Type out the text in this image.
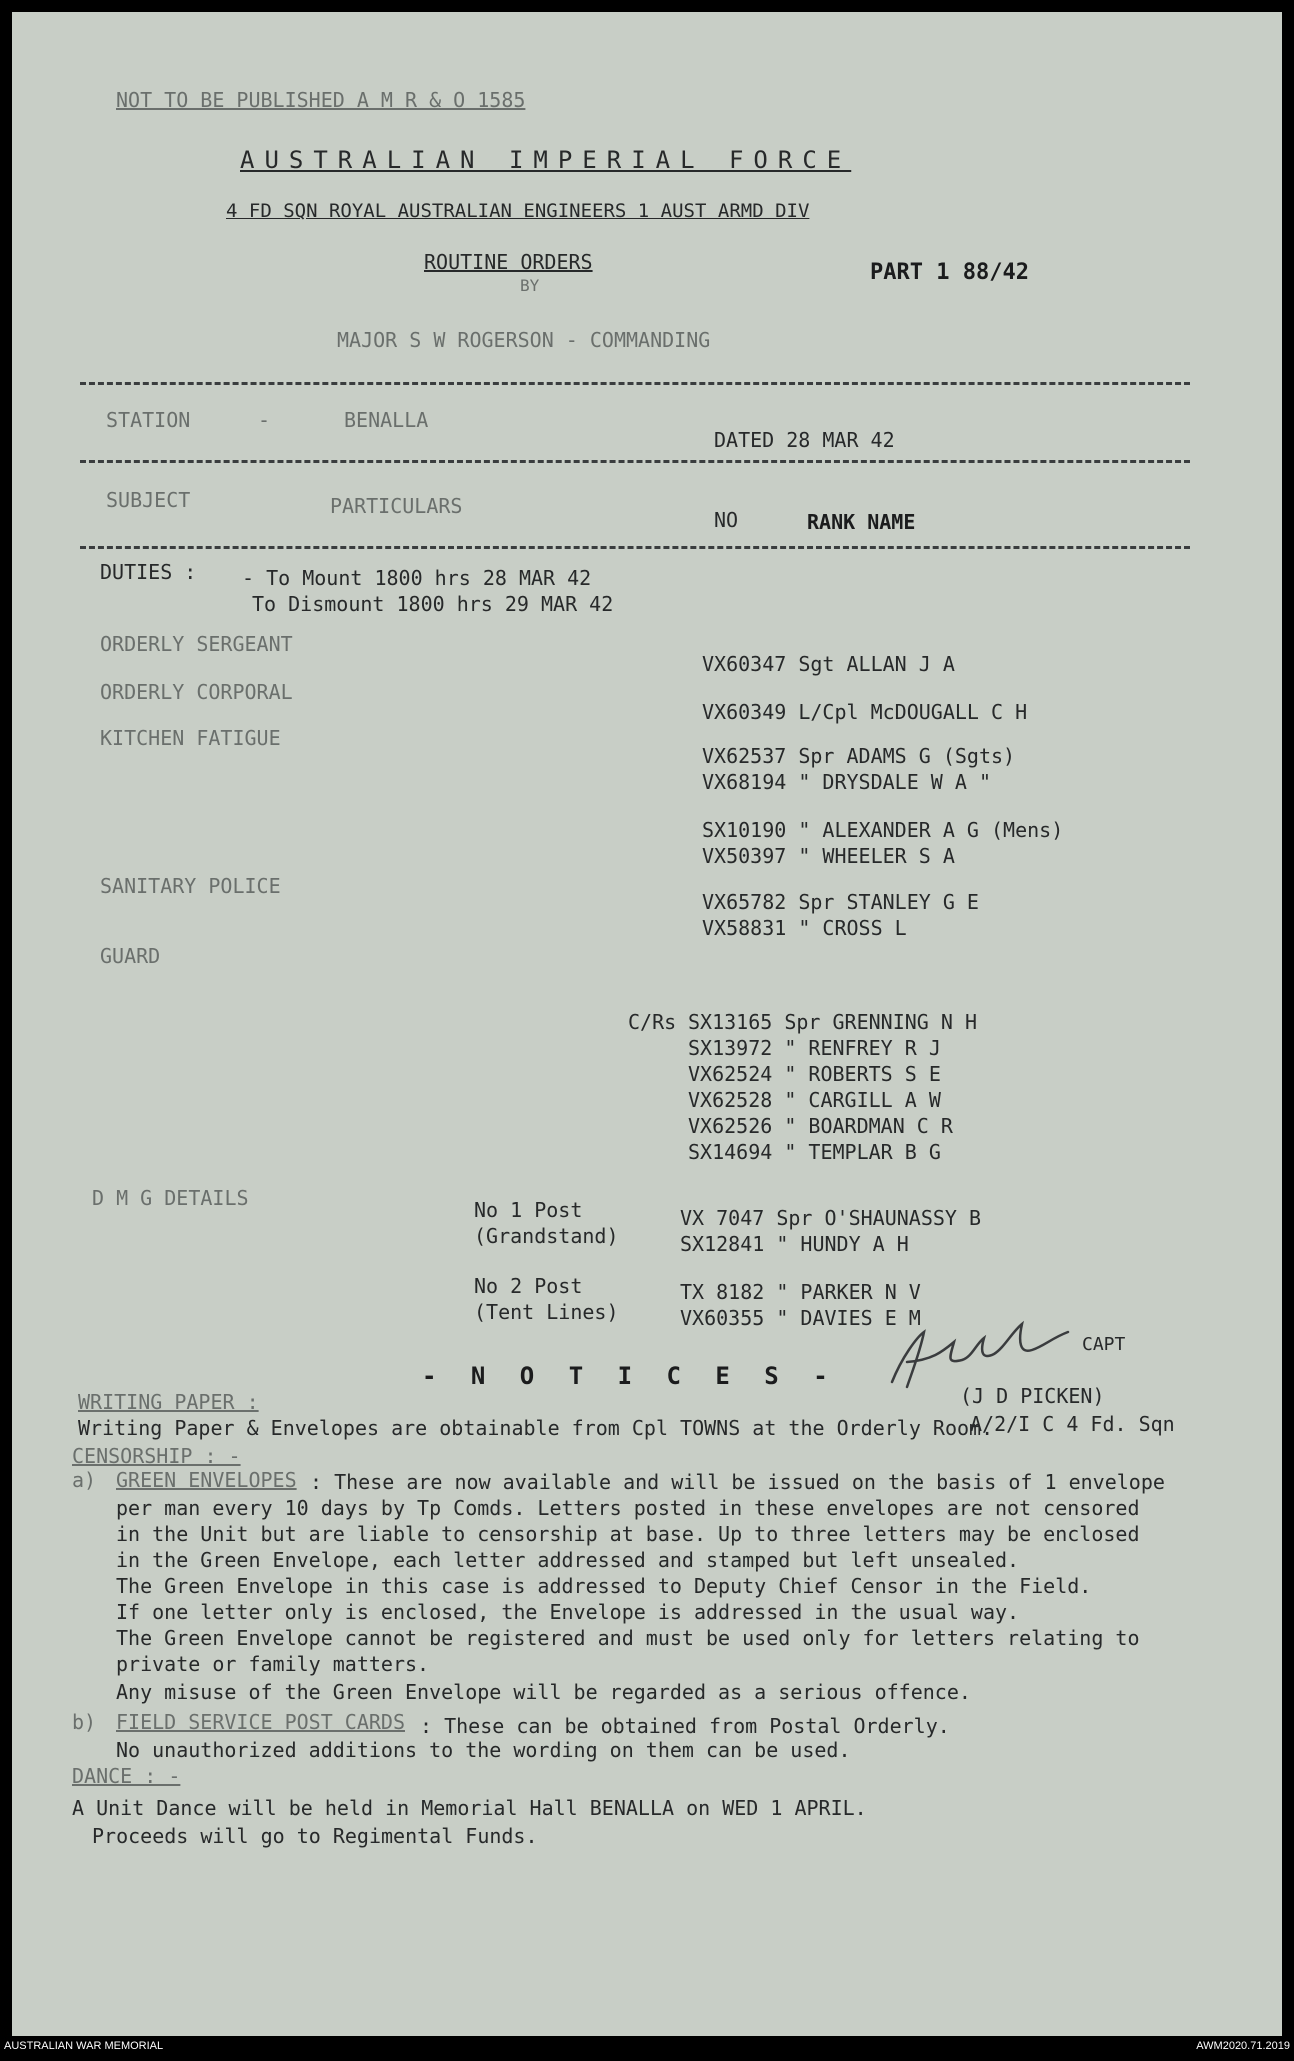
NOT TO BE PUBLISHED A M R & O 1585
AUSTRALIAN IMPERIAL FORCE
4 FD SQN ROYAL AUSTRALIAN ENGINEERS 1 AUST ARMD DIV
ROUTINE ORDERS
BY
PART 1 88/42
MAJOR S W ROGERSON - COMMANDING
STATION	-	BENALLA
DATED 28 MAR 42
SUBJECT	PARTICULARS
NO	RANK NAME
DUTIES : - To Mount 1800 hrs 28 MAR 42
To Dismount 1800 hrs 29 MAR 42
ORDERLY SERGEANT
VX60347 Sgt ALLAN J A
ORDERLY CORPORAL
VX60349 L/Cpl McDOUGALL C H
KITCHEN FATIGUE
VX62537 Spr ADAMS G (Sgts)
VX68194 " DRYSDALE W A "
SX10190 " ALEXANDER A G (Mens)
VX50397 " WHEELER S A
SANITARY POLICE
VX65782 Spr STANLEY G E
VX58831 " CROSS L
GUARD
C/Rs SX13165 Spr GRENNING N H
SX13972 " RENFREY R J
VX62524 " ROBERTS S E
VX62528 " CARGILL A W
VX62526 " BOARDMAN C R
SX14694 " TEMPLAR B G
D M G DETAILS	No 1 Post
(Grandstand)
VX 7047 Spr O'SHAUNASSY B
SX12841 " HUNDY A H
No 2 Post
(Tent Lines)
TX 8182 " PARKER N V
VX60355 " DAVIES E M
CAPT
(J D PICKEN)
A/2/I C 4 Fd. Sqn
- N O T I C E S -
WRITING PAPER :
Writing Paper & Envelopes are obtainable from Cpl TOWNS at the Orderly Room.
CENSORSHIP : -
a) GREEN ENVELOPES : These are now available and will be issued on the basis of 1 envelope
per man every 10 days by Tp Comds. Letters posted in these envelopes are not censored
in the Unit but are liable to censorship at base. Up to three letters may be enclosed
in the Green Envelope, each letter addressed and stamped but left unsealed.
The Green Envelope in this case is addressed to Deputy Chief Censor in the Field.
If one letter only is enclosed, the Envelope is addressed in the usual way.
The Green Envelope cannot be registered and must be used only for letters relating to
private or family matters.
Any misuse of the Green Envelope will be regarded as a serious offence.
b) FIELD SERVICE POST CARDS : These can be obtained from Postal Orderly.
No unauthorized additions to the wording on them can be used.
DANCE : -
A Unit Dance will be held in Memorial Hall BENALLA on WED 1 APRIL.
Proceeds will go to Regimental Funds.
AUSTRALIAN WAR MEMORIAL	AWM2020.71.2019
